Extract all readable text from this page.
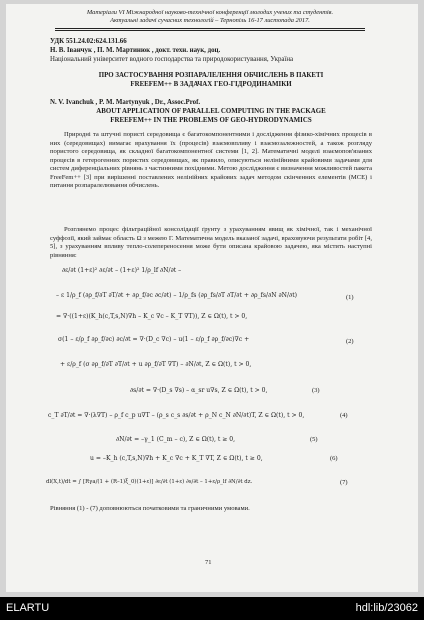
Матеріали VI Міжнародної науково-технічної конференції молодих учених та студентів.
Актуальні задачі сучасних технологій – Тернопіль 16-17 листопада 2017.
УДК 551.24.02:624.131.66
Н. В. Іванчук , П. М. Мартинюк , докт. техн. наук, доц.
Національний університет водного господарства та природокористування, Україна
ПРО ЗАСТОСУВАННЯ РОЗПАРАЛЕЛЕННЯ ОБЧИСЛЕНЬ В ПАКЕТІ
FREEFEM++ В ЗАДАЧАХ ГЕО-ГІДРОДИНАМІКИ
N. V. Ivanchuk , P. M. Martynyuk , Dr., Assoc.Prof.
ABOUT APPLICATION OF PARALLEL COMPUTING IN THE PACKAGE
FREEFEM++ IN THE PROBLEMS OF GEO-HYDRODYNAMICS
Природні та штучні пористі середовища є багатокомпонентними і дослідження фізико-хімічних процесів в них (середовищах) вимагає врахування їх (процесів) взаємовпливу і взаємозалежностей, а також розгляду пористого середовища, як складної багатокомпонентної системи [1, 2]. Математичні моделі взаємопов'язаних процесів в гетерогенних пористих середовищах, як правило, описуються нелінійними крайовими задачами для систем диференціальних рівнянь з частинними похідними. Метою дослідження є визначення можливостей пакета FreeFem++ [3] при вирішенні поставлених нелінійних крайових задач методом скінченних елементів (МСЕ) і питання розпаралелювання обчислень.
Розглянемо процес фільтраційної консолідації ґрунту з урахуванням явищ як хімічної, так і механічної суффозії, який займає область Ω з межею Γ. Математична модель вказаної задачі, враховуючи результати робіт [4, 5], з урахуванням впливу тепло-солепереносення може бути описана крайовою задачею, яка містить наступні рівняння:
∂ε/∂t (1+ε)² ∂ε/∂t – (1+ε)² 1/ρ_lf ∂N/∂t –
– ε 1/ρ_f (∂ρ_f/∂T ∂T/∂t + ∂ρ_f/∂c ∂c/∂t) – 1/ρ_fs (∂ρ_fs/∂T ∂T/∂t + ∂ρ_fs/∂N ∂N/∂t)	(1)
= ∇·((1+ε)(K_h(c,T,s,N)∇h – K_c ∇c – K_T ∇T)), Z ∈ Ω(t), t > 0,
σ(1 – ε/ρ_f ∂ρ_f/∂c) ∂c/∂t = ∇·(D_c ∇c) – u(1 – ε/ρ_f ∂ρ_f/∂c)∇c +	(2)
+ ε/ρ_f (σ ∂ρ_f/∂T ∂T/∂t + u ∂ρ_f/∂T ∇T) – ∂N/∂t, Z ∈ Ω(t), t > 0,
∂s/∂t = ∇·(D_s ∇s) – α_sr u∇s, Z ∈ Ω(t), t > 0,	(3)
c_T ∂T/∂t = ∇·(λ∇T) – ρ_f c_p u∇T – (ρ_s c_s ∂s/∂t + ρ_N c_N ∂N/∂t)T, Z ∈ Ω(t), t > 0,	(4)
∂N/∂t = –γ_1 (C_m – c), Z ∈ Ω(t), t ≥ 0,	(5)
u = –K_h (c,T,s,N)∇h + K_c ∇c + K_T ∇T, Z ∈ Ω(t), t ≥ 0,	(6)
dl(X,t)/dt = ∫ [Rγa/(1 + (R–1)ξ_0)(1+ε)] ∂ε/∂t (1+ε) ∂s/∂t – 1+ε/ρ_lf ∂N/∂t dz.	(7)
Рівняння (1) - (7) доповнюються початковими та граничними умовами.
71
ELARTU	hdl:lib/23062
